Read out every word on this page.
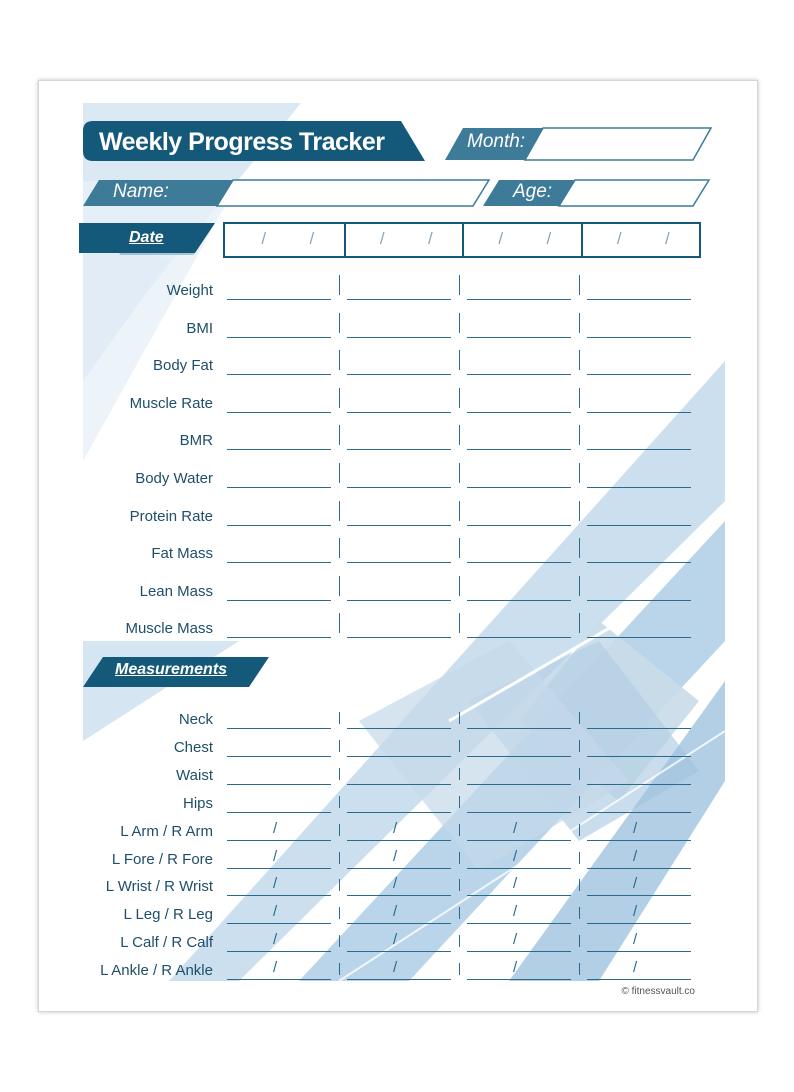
Weekly Progress Tracker	Month:
Name:	Age:
Date	/	/	/	/	/	/	/	/
Weight
BMI
Body Fat
Muscle Rate
BMR
Body Water
Protein Rate
Fat Mass
Lean Mass
Muscle Mass
Neck
Chest
Waist
Hips
L Arm / R Arm	/	/	/	/
L Fore / R Fore	/	/	/	/
L Wrist / R Wrist	/	/	/	/
L Leg / R Leg	/	/	/	/
L Calf / R Calf	/	/	/	/
L Ankle / R Ankle	/	/	/	/
Measurements
© fitnessvault.co
